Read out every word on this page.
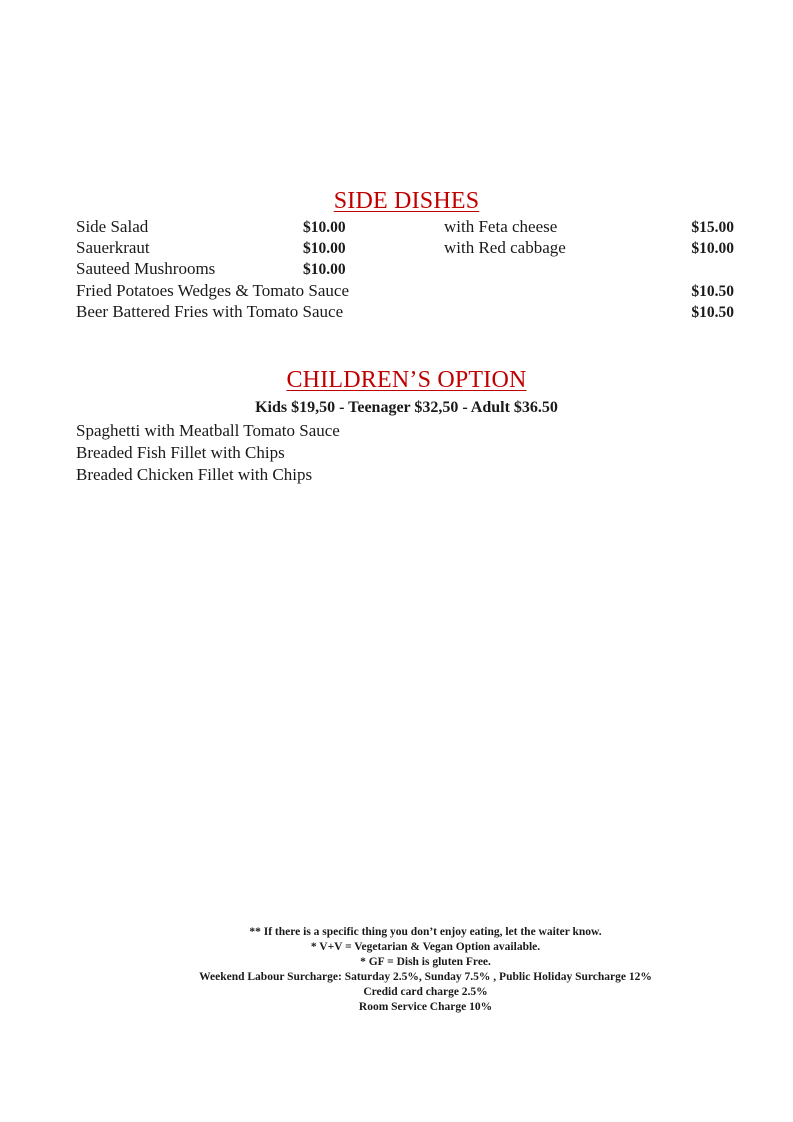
SIDE DISHES
Side Salad	$10.00	with Feta cheese	$15.00
Sauerkraut	$10.00	with Red cabbage	$10.00
Sauteed Mushrooms	$10.00
Fried Potatoes Wedges & Tomato Sauce	$10.50
Beer Battered Fries with Tomato Sauce	$10.50
CHILDREN’S OPTION
Kids $19,50 - Teenager $32,50 - Adult $36.50
Spaghetti with Meatball Tomato Sauce
Breaded Fish Fillet with Chips
Breaded Chicken Fillet with Chips
** If there is a specific thing you don’t enjoy eating, let the waiter know.
* V+V = Vegetarian & Vegan Option available.
* GF = Dish is gluten Free.
Weekend Labour Surcharge: Saturday 2.5%, Sunday 7.5% , Public Holiday Surcharge 12%
Credid card charge 2.5%
Room Service Charge 10%
